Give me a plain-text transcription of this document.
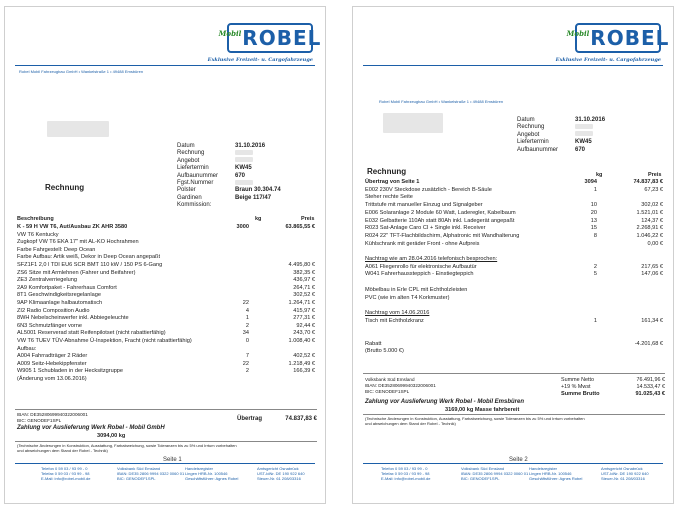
Mobil ROBEL
Exklusive Freizeit- u. Cargofahrzeuge
Robel Mobil Fahrzeugbau GmbH • Wankelstraße 1 • 49488 Emsbüren
Datum	31.10.2016
Rechnung
Angebot
Liefertermin	KW45
Aufbaunummer	670
Fgst.Nummer
Polster	Braun 30.304.74
Gardinen	Beige 117/47
Kommission:
Rechnung
Beschreibung	kg	Preis
K - 59 H VW T6, Aut/Ausbau ZK AHR 3580	3000	63.865,55 €
VW T6 Kentucky
Zugkopf VW T6 EKA 17" mit AL-KO Hochrahmen
Farbe Fahrgestell: Deep Ocean
Farbe Aufbau: Artik weiß, Dekor in Deep Ocean angepaßt
SFZ1F1 2,0 l TDI EU6 SCR BMT 110 kW / 150 PS 6-Gang	4.495,80 €
ZS6 Sitze mit Armlehnen (Fahrer und Beifahrer)	382,35 €
ZE3 Zentralverriegelung	436,97 €
2A9 Komfortpaket - Fahrerhaus Comfort	264,71 €
8T1 Geschwindigkeitsregelanlage	302,52 €
9AP Klimaanlage halbautomatisch	22	1.264,71 €
ZI2 Radio Composition Audio	4	415,97 €
8WH Nebelscheinwerfer inkl. Abbiegeleuchte	1	277,31 €
6N3 Schmutzfänger vorne	2	92,44 €
AL5001 Reserverad statt Reifenpilotset (nicht rabattierfähig)	34	243,70 €
VW T6 TUEV TÜV-Abnahme Ü-Inspektion, Fracht (nicht rabattierfähig)	0	1.008,40 €
Aufbau:
A004 Fahrradträger 2 Räder	7	402,52 €
A009 Seitz-Hebekippfenster	22	1.218,49 €
W905 1 Schubladen in der Hecksitzgruppe	2	166,39 €
(Änderung vom 13.06.2016)
IBAN: DE35280699940322006001
BIC: GENODEF1SPL	Übertrag	74.837,83 €
Zahlung vor Auslieferung Werk Robel - Mobil GmbH
3094,00 kg
(Technische Änderungen in Konstruktion, Ausstattung, Farbabweichung, sowie Toleranzen bis zu 5% und Irrtum vorbehalten
und abweichungen dem Stand der Robel - Technik)
Seite 1
Telefon 0 59 03 / 93 99 - 0
Telefax 0 59 03 / 93 99 - 98
E-Mail: info@robel-mobil.de
Volksbank Süd Emsland
IBAN: DE35 2806 9994 0322 0060 01
BIC: GENODEF1SPL
Handelsregister
Lingen HRB-Nr. 100546
Geschäftsführer: Agnes Robel
Amtsgericht Osnabrück
UST-IdNr. DE 190 922 640
Steuer-Nr. 61 208/03316
Mobil ROBEL
Exklusive Freizeit- u. Cargofahrzeuge
Robel Mobil Fahrzeugbau GmbH • Wankelstraße 1 • 49488 Emsbüren
Datum	31.10.2016
Rechnung
Angebot
Liefertermin	KW45
Aufbaunummer	670
Rechnung	kg	Preis
Übertrag von Seite 1	3094	74.837,83 €
E002 230V Steckdose zusätzlich - Bereich B-Säule	1	67,23 €
Steher rechte Seite
Trittstufe mit manueller Einzug und Signalgeber	10	302,02 €
E006 Solaranlage 2 Module 60 Watt, Laderegler, Kabelbaum	20	1.521,01 €
E032 Gelbatterie 110Ah statt 80Ah inkl. Ladegerät angepaßt	13	124,37 €
R023 Sat-Anlage Caro CI + Single inkl. Receiver	15	2.268,91 €
R024 22" TFT-Flachbildschirm, Alphatronic mit Wandhalterung	8	1.046,22 €
Kühlschrank mit geräder Front - ohne Aufpreis	0,00 €
Nachtrag wie am 28.04.2016 telefonisch besprochen:
A061 Fliegenrollo für elektronische Aufbautür	2	217,65 €
W041 Fahrerhaussteppich - Einstiegteppich	5	147,06 €
Möbelbau in Erle CPL mit Echtholzleisten
PVC (wie im alten T4 Korkmuster)
Nachtrag vom 14.06.2016
Tisch mit Echtholzkranz	1	161,34 €
Rabatt	-4.201,68 €
(Brutto 5.000 €)
Volksbank Süd Emsland
IBAN: DE35280699940322006001
BIC: GENODEF1SPL
Summe Netto	76.491,96 €
+19 % Mwst	14.533,47 €
Summe Brutto	91.025,43 €
Zahlung vor Auslieferung Werk Robel - Mobil Emsbüren
3169,00 kg Masse fahrbereit
(Technische Änderungen in Konstruktion, Ausstattung, Farbabweichung, sowie Toleranzen bis zu 5% und Irrtum vorbehalten
und abweichungen dem Stand der Robel - Technik)
Seite 2
Telefon 0 59 03 / 93 99 - 0
Telefax 0 59 03 / 93 99 - 98
E-Mail: info@robel-mobil.de
Volksbank Süd Emsland
IBAN: DE35 2806 9994 0322 0060 01
BIC: GENODEF1SPL
Handelsregister
Lingen HRB-Nr. 100546
Geschäftsführer: Agnes Robel
Amtsgericht Osnabrück
UST-IdNr. DE 190 922 640
Steuer-Nr. 61 208/03316
